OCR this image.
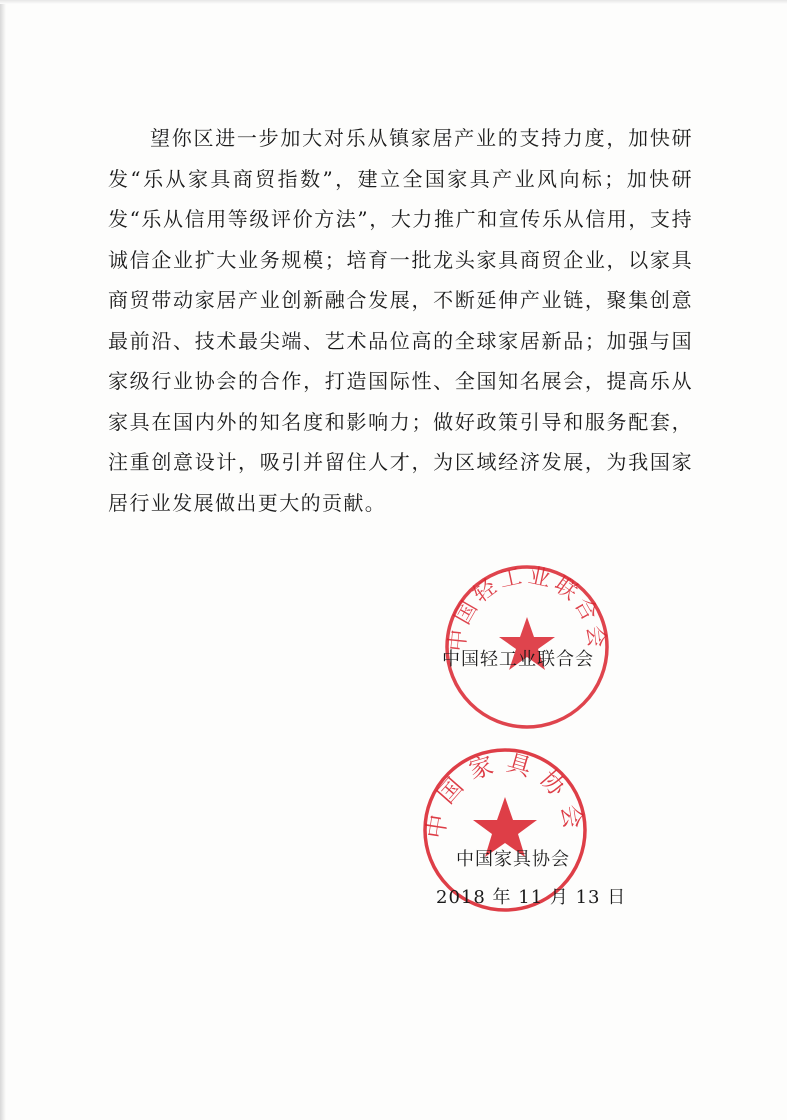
望你区进一步加大对乐从镇家居产业的支持力度，加快研发“乐从家具商贸指数”，建立全国家具产业风向标；加快研发“乐从信用等级评价方法”，大力推广和宣传乐从信用，支持诚信企业扩大业务规模；培育一批龙头家具商贸企业，以家具商贸带动家居产业创新融合发展，不断延伸产业链，聚集创意最前沿、技术最尖端、艺术品位高的全球家居新品；加强与国家级行业协会的合作，打造国际性、全国知名展会，提高乐从家具在国内外的知名度和影响力；做好政策引导和服务配套，注重创意设计，吸引并留住人才，为区域经济发展，为我国家居行业发展做出更大的贡献。

中国轻工业联合会
中国轻工业联合会
中国家具协会
中国家具协会
2018 年 11 月 13 日
